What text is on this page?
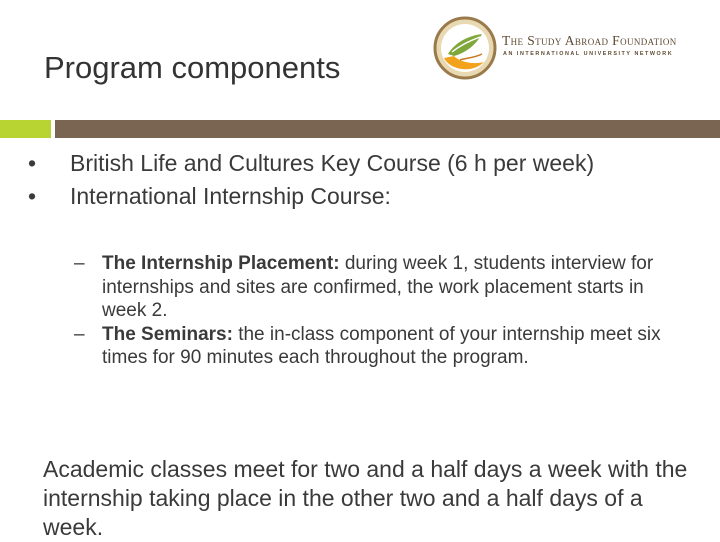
Program components
The Study Abroad Foundation
AN INTERNATIONAL UNIVERSITY NETWORK
• British Life and Cultures Key Course (6 h per week)
• International Internship Course:
– The Internship Placement: during week 1, students interview for internships and sites are confirmed, the work placement starts in week 2.
– The Seminars: the in-class component of your internship meet six times for 90 minutes each throughout the program.
Academic classes meet for two and a half days a week with the internship taking place in the other two and a half days of a week.
